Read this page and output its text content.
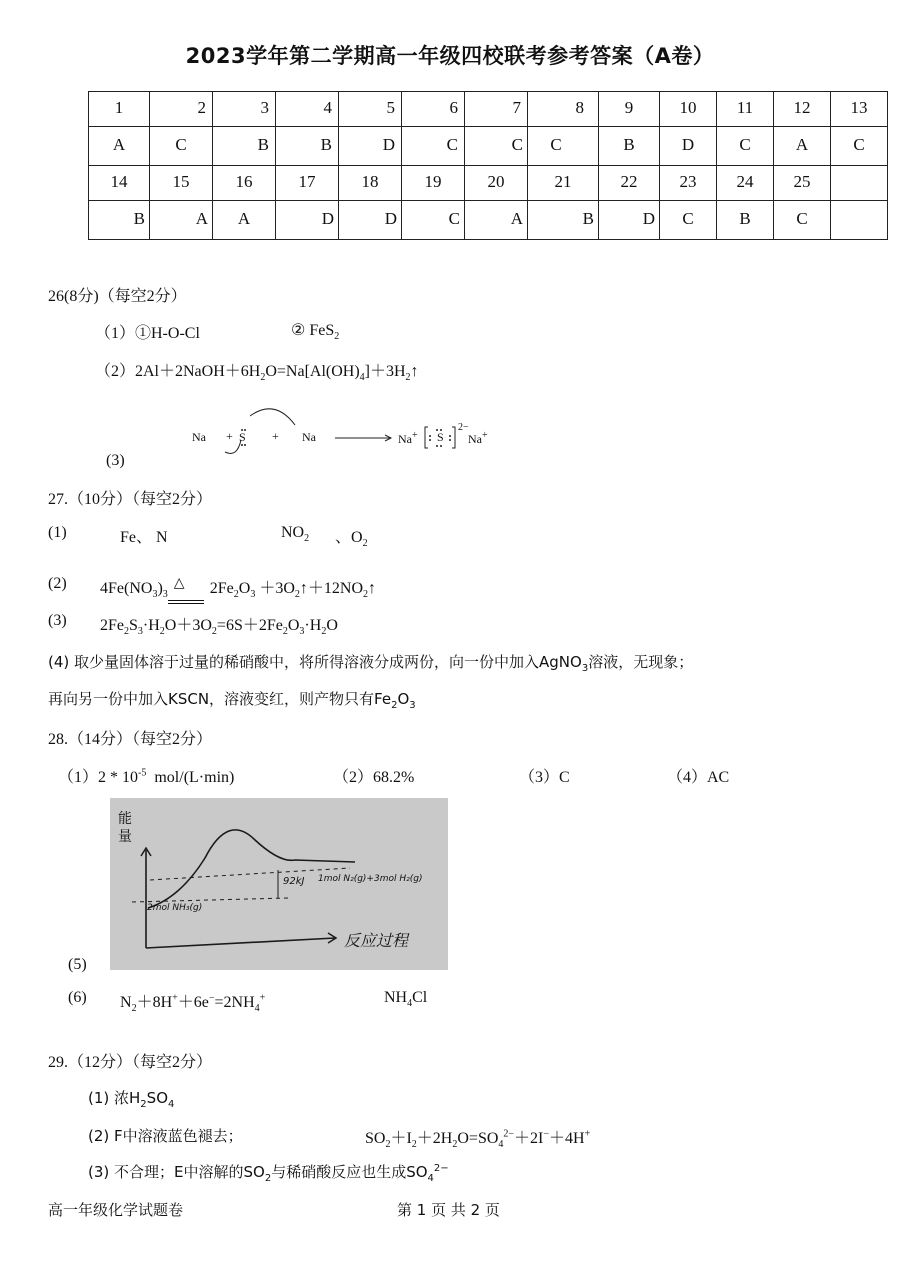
2023学年第二学期高一年级四校联考参考答案（A卷）
1	2	3	4	5	6	7	8	9	10	11	12	13

A	C	B	B	D	C	C	C	B	D	C	A	C

14	15	16	17	18	19	20	21	22	23	24	25	

B	A	A	D	D	C	A	B	D	C	B	C	

26(8分)（每空2分）
（1）①H-O-Cl	② FeS$_2$
$(2)2Al+2NaOH+6H_2O=Na[Al(OH)_4]+3H_2↑$
Na + S + Na	Na+ S
2−
Na+
(3)
27.（10分）（每空2分）
(1)	Fe、 N	$NO_2$ 、$O_2$
(2) $4Fe(NO_3)_3$
△ $2Fe_2O_3$ $+3O_2↑+12NO_2↑$
(3) $2Fe_2S_3\cdot H_2O+3O_2=6S+2Fe_2O_3\cdot H_2O$
(4) 取少量固体溶于过量的稀硝酸中，将所得溶液分成两份，向一份中加入AgNO$_3$溶液，无现象；
再向另一份中加入KSCN，溶液变红，则产物只有$Fe_2O_3$
28.（14分）（每空2分）
$(1)2 * 10^{-5}$ mol/(L·min)	（2）68.2%	（3）C	（4）AC
能量
反应过程
1mol N₂(g)+3mol H₂(g)
92kJ
2mol NH₃(g)
(5)
(6) $N_2+8H^++6e^-=2NH_4^+$	$NH_4Cl$
29.（12分）（每空2分）
(1) 浓$H_2SO_4$
(2) F中溶液蓝色褪去；	$SO_2+I_2+2H_2O=SO_4^{2-}+2I^-+4H^+$
(3) 不合理；E中溶解的$SO_2$与稀硝酸反应也生成$SO_4^{2-}$
高一年级化学试题卷	第 1 页 共 2 页
